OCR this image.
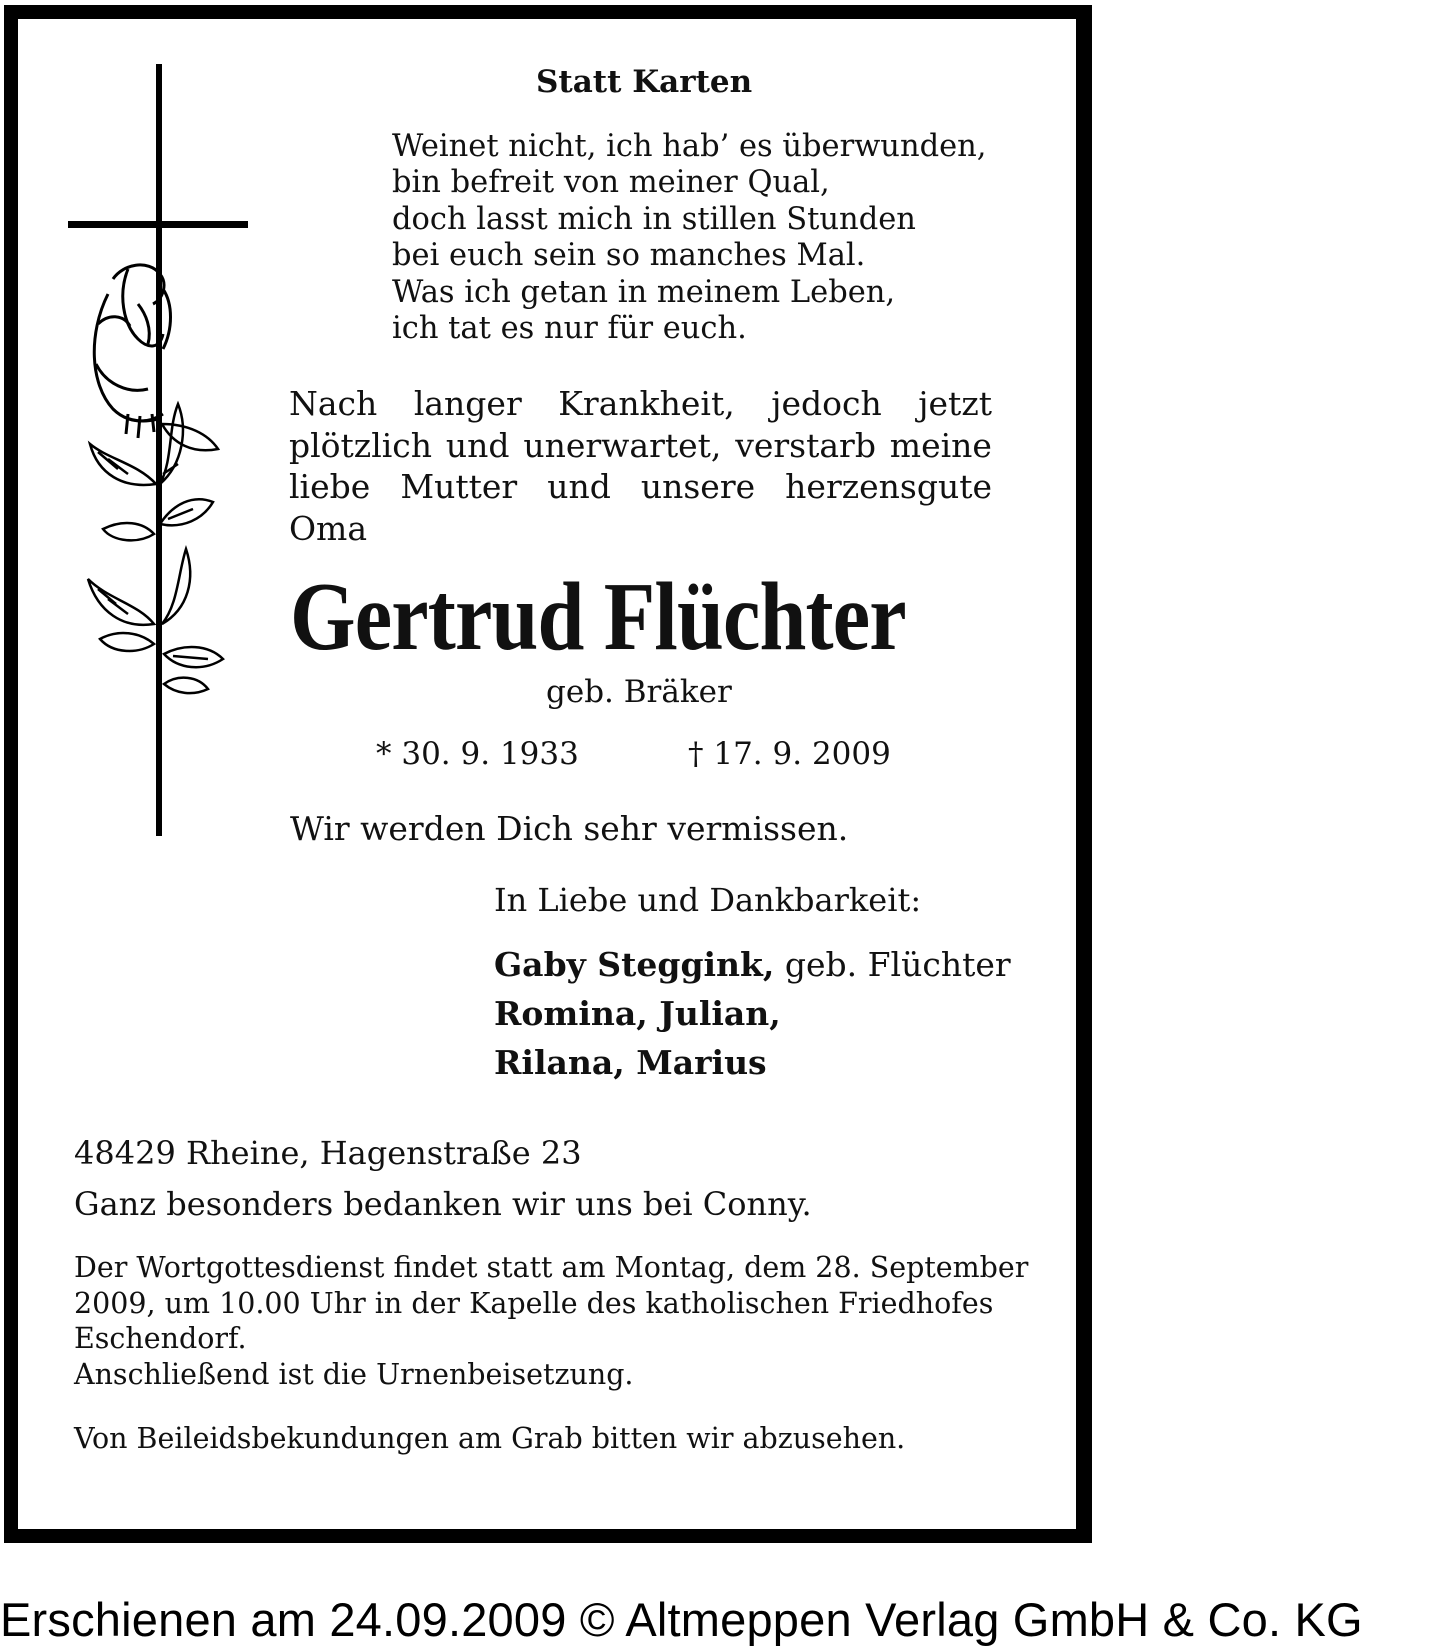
Statt Karten
Weinet nicht, ich hab’ es überwunden,
bin befreit von meiner Qual,
doch lasst mich in stillen Stunden
bei euch sein so manches Mal.
Was ich getan in meinem Leben,
ich tat es nur für euch.
Nach langer Krankheit, jedoch jetzt
plötzlich und unerwartet, verstarb meine
liebe Mutter und unsere herzensgute
Oma
Gertrud Flüchter
geb. Bräker
* 30. 9. 1933	† 17. 9. 2009
Wir werden Dich sehr vermissen.
In Liebe und Dankbarkeit:
Gaby Steggink, geb. Flüchter
Romina, Julian,
Rilana, Marius
48429 Rheine, Hagenstraße 23
Ganz besonders bedanken wir uns bei Conny.
Der Wortgottesdienst findet statt am Montag, dem 28. September
2009, um 10.00 Uhr in der Kapelle des katholischen Friedhofes
Eschendorf.
Anschließend ist die Urnenbeisetzung.
Von Beileidsbekundungen am Grab bitten wir abzusehen.
Erschienen am 24.09.2009 © Altmeppen Verlag GmbH & Co. KG
